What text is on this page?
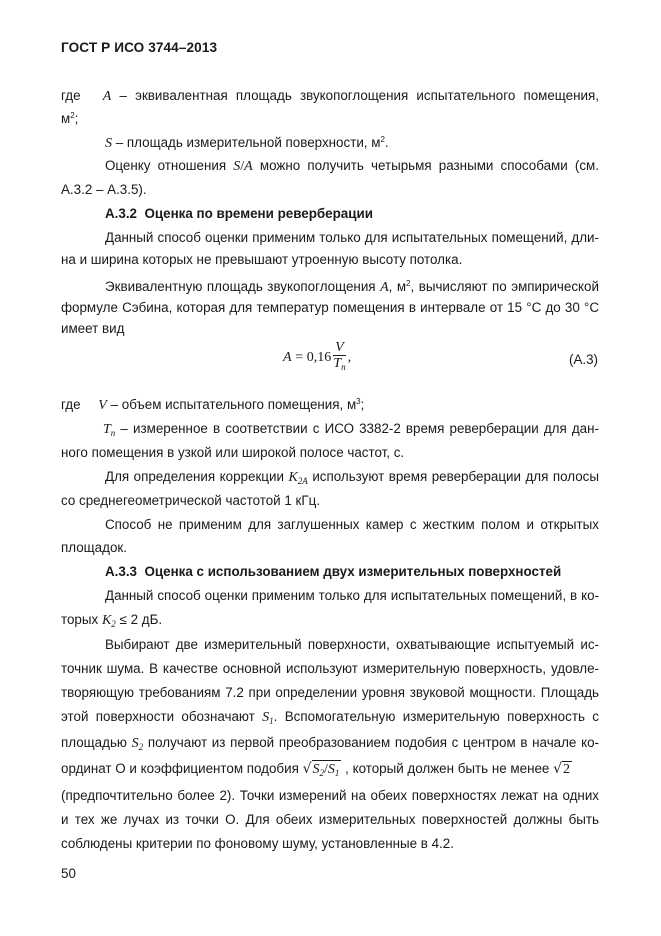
ГОСТ Р ИСО 3744–2013
где A – эквивалентная площадь звукопоглощения испытательного помещения,
$м^2$;
S – площадь измерительной поверхности, $м^2$.
Оценку отношения S/A можно получить четырьмя разными способами (см.
А.3.2 – А.3.5).
А.3.2 Оценка по времени реверберации
Данный способ оценки применим только для испытательных помещений, дли-
на и ширина которых не превышают утроенную высоту потолка.
Эквивалентную площадь звукопоглощения A, $м^2$, вычисляют по эмпирической
формуле Сэбина, которая для температур помещения в интервале от 15 °С до 30 °С
имеет вид
$A = 0,16 \frac{V}{T_n}$ ,	(А.3)
где V – объем испытательного помещения, $м^3$;
$T_n$ – измеренное в соответствии с ИСО 3382-2 время реверберации для дан-
ного помещения в узкой или широкой полосе частот, с.
Для определения коррекции $K_{2A}$ используют время реверберации для полосы
со среднегеометрической частотой 1 кГц.
Способ не применим для заглушенных камер с жестким полом и открытых
площадок.
А.3.3 Оценка с использованием двух измерительных поверхностей
Данный способ оценки применим только для испытательных помещений, в ко-
торых $K_2 \le 2$ дБ.
Выбирают две измерительный поверхности, охватывающие испытуемый ис-
точник шума. В качестве основной используют измерительную поверхность, удовле-
творяющую требованиям 7.2 при определении уровня звуковой мощности. Площадь
этой поверхности обозначают $S_1$. Вспомогательную измерительную поверхность с
площадью $S_2$ получают из первой преобразованием подобия с центром в начале ко-
ординат О и коэффициентом подобия $√S_2/S_1$ , который должен быть не менее √2
(предпочтительно более 2). Точки измерений на обеих поверхностях лежат на одних
и тех же лучах из точки О. Для обеих измерительных поверхностей должны быть
соблюдены критерии по фоновому шуму, установленные в 4.2.
50
